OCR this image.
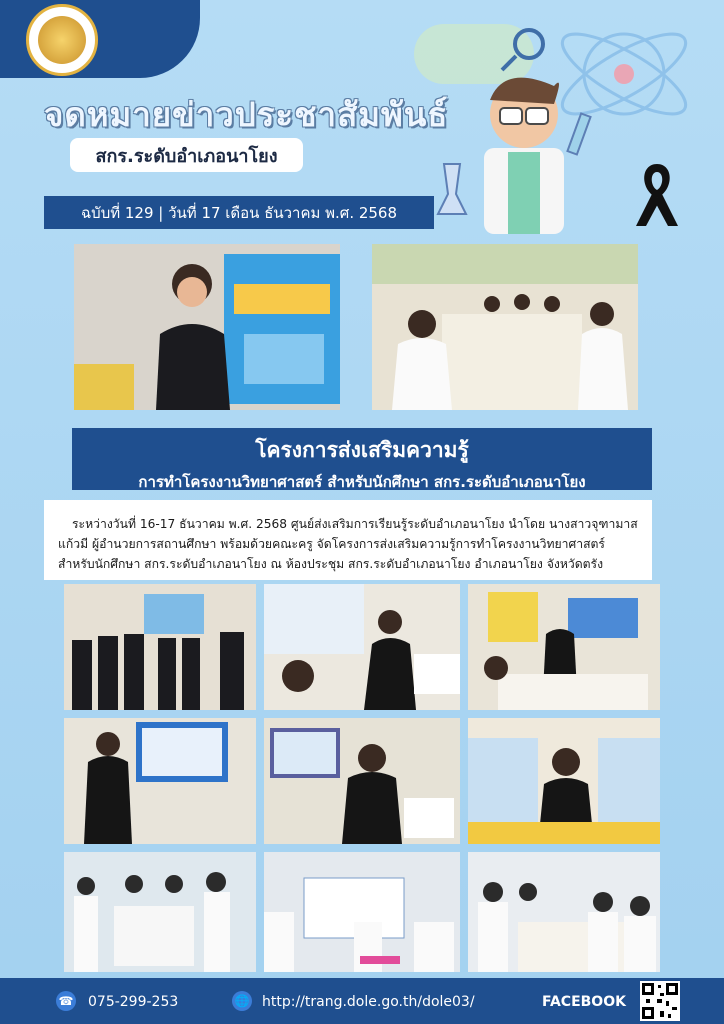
จดหมายข่าวประชาสัมพันธ์
สกร.ระดับอำเภอนาโยง
ฉบับที่ 129 | วันที่ 17 เดือน ธันวาคม พ.ศ. 2568
โครงการส่งเสริมความรู้
การทำโครงงานวิทยาศาสตร์ สำหรับนักศึกษา สกร.ระดับอำเภอนาโยง
ระหว่างวันที่ 16-17 ธันวาคม พ.ศ. 2568 ศูนย์ส่งเสริมการเรียนรู้ระดับอำเภอนาโยง นำโดย นางสาวจุฑามาส แก้วมี ผู้อำนวยการสถานศึกษา พร้อมด้วยคณะครู จัดโครงการส่งเสริมความรู้การทำโครงงานวิทยาศาสตร์ สำหรับนักศึกษา สกร.ระดับอำเภอนาโยง ณ ห้องประชุม สกร.ระดับอำเภอนาโยง อำเภอนาโยง จังหวัดตรัง
☎ 075-299-253	🌐 http://trang.dole.go.th/dole03/	FACEBOOK
